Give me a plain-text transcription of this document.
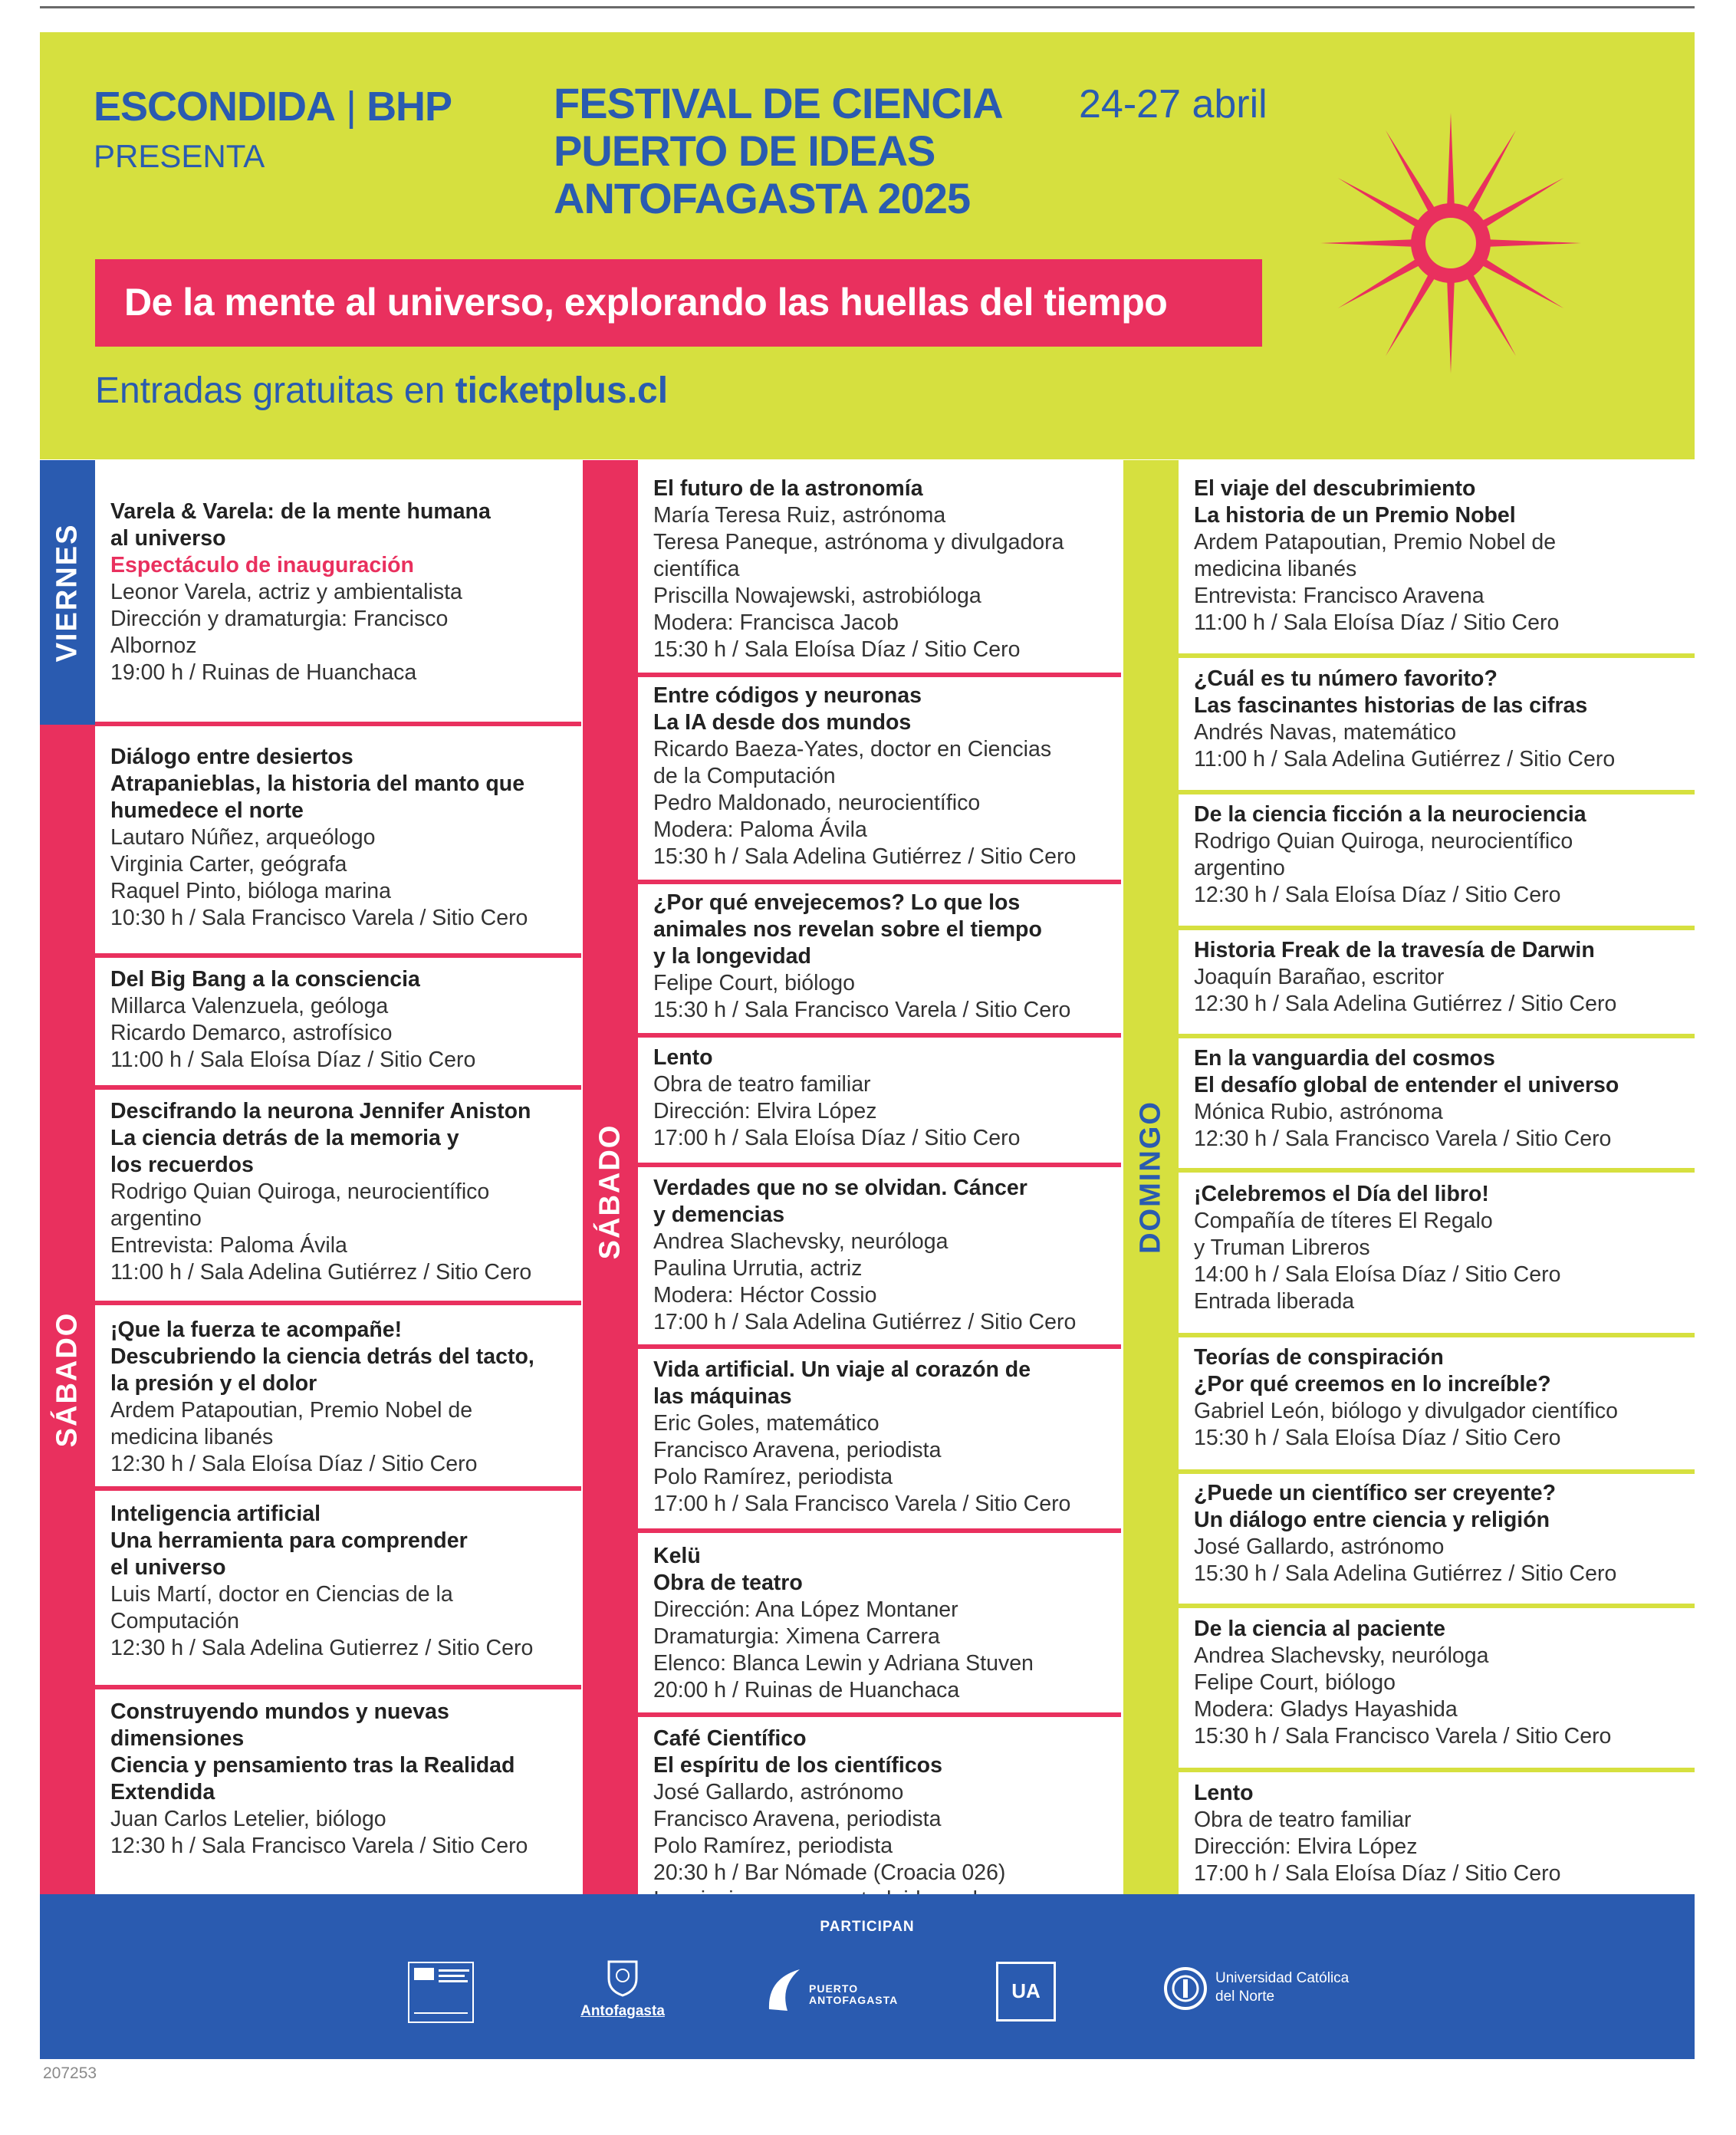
ESCONDIDA | BHP
PRESENTA
FESTIVAL DE CIENCIA
PUERTO DE IDEAS
ANTOFAGASTA 2025
24-27 abril
De la mente al universo, explorando las huellas del tiempo
Entradas gratuitas en ticketplus.cl
VIERNES
SÁBADO
Varela & Varela: de la mente humana
al universo
Espectáculo de inauguración
Leonor Varela, actriz y ambientalista
Dirección y dramaturgia: Francisco
Albornoz
19:00 h / Ruinas de Huanchaca
Diálogo entre desiertos
Atrapanieblas, la historia del manto que
humedece el norte
Lautaro Núñez, arqueólogo
Virginia Carter, geógrafa
Raquel Pinto, bióloga marina
10:30 h / Sala Francisco Varela / Sitio Cero
Del Big Bang a la consciencia
Millarca Valenzuela, geóloga
Ricardo Demarco, astrofísico
11:00 h / Sala Eloísa Díaz / Sitio Cero
Descifrando la neurona Jennifer Aniston
La ciencia detrás de la memoria y
los recuerdos
Rodrigo Quian Quiroga, neurocientífico
argentino
Entrevista: Paloma Ávila
11:00 h / Sala Adelina Gutiérrez / Sitio Cero
¡Que la fuerza te acompañe!
Descubriendo la ciencia detrás del tacto,
la presión y el dolor
Ardem Patapoutian, Premio Nobel de
medicina libanés
12:30 h / Sala Eloísa Díaz / Sitio Cero
Inteligencia artificial
Una herramienta para comprender
el universo
Luis Martí, doctor en Ciencias de la
Computación
12:30 h / Sala Adelina Gutierrez / Sitio Cero
Construyendo mundos y nuevas
dimensiones
Ciencia y pensamiento tras la Realidad
Extendida
Juan Carlos Letelier, biólogo
12:30 h / Sala Francisco Varela / Sitio Cero
SÁBADO
El futuro de la astronomía
María Teresa Ruiz, astrónoma
Teresa Paneque, astrónoma y divulgadora
científica
Priscilla Nowajewski, astrobióloga
Modera: Francisca Jacob
15:30 h / Sala Eloísa Díaz / Sitio Cero
Entre códigos y neuronas
La IA desde dos mundos
Ricardo Baeza-Yates, doctor en Ciencias
de la Computación
Pedro Maldonado, neurocientífico
Modera: Paloma Ávila
15:30 h / Sala Adelina Gutiérrez / Sitio Cero
¿Por qué envejecemos? Lo que los
animales nos revelan sobre el tiempo
y la longevidad
Felipe Court, biólogo
15:30 h / Sala Francisco Varela / Sitio Cero
Lento
Obra de teatro familiar
Dirección: Elvira López
17:00 h / Sala Eloísa Díaz / Sitio Cero
Verdades que no se olvidan. Cáncer
y demencias
Andrea Slachevsky, neuróloga
Paulina Urrutia, actriz
Modera: Héctor Cossio
17:00 h / Sala Adelina Gutiérrez / Sitio Cero
Vida artificial. Un viaje al corazón de
las máquinas
Eric Goles, matemático
Francisco Aravena, periodista
Polo Ramírez, periodista
17:00 h / Sala Francisco Varela / Sitio Cero
Kelü
Obra de teatro
Dirección: Ana López Montaner
Dramaturgia: Ximena Carrera
Elenco: Blanca Lewin y Adriana Stuven
20:00 h / Ruinas de Huanchaca
Café Científico
El espíritu de los científicos
José Gallardo, astrónomo
Francisco Aravena, periodista
Polo Ramírez, periodista
20:30 h / Bar Nómade (Croacia 026)
DOMINGO
El viaje del descubrimiento
La historia de un Premio Nobel
Ardem Patapoutian, Premio Nobel de
medicina libanés
Entrevista: Francisco Aravena
11:00 h / Sala Eloísa Díaz / Sitio Cero
¿Cuál es tu número favorito?
Las fascinantes historias de las cifras
Andrés Navas, matemático
11:00 h / Sala Adelina Gutiérrez / Sitio Cero
De la ciencia ficción a la neurociencia
Rodrigo Quian Quiroga, neurocientífico
argentino
12:30 h / Sala Eloísa Díaz / Sitio Cero
Historia Freak de la travesía de Darwin
Joaquín Barañao, escritor
12:30 h / Sala Adelina Gutiérrez / Sitio Cero
En la vanguardia del cosmos
El desafío global de entender el universo
Mónica Rubio, astrónoma
12:30 h / Sala Francisco Varela / Sitio Cero
¡Celebremos el Día del libro!
Compañía de títeres El Regalo
y Truman Libreros
14:00 h / Sala Eloísa Díaz / Sitio Cero
Entrada liberada
Teorías de conspiración
¿Por qué creemos en lo increíble?
Gabriel León, biólogo y divulgador científico
15:30 h / Sala Eloísa Díaz / Sitio Cero
¿Puede un científico ser creyente?
Un diálogo entre ciencia y religión
José Gallardo, astrónomo
15:30 h / Sala Adelina Gutiérrez / Sitio Cero
De la ciencia al paciente
Andrea Slachevsky, neuróloga
Felipe Court, biólogo
Modera: Gladys Hayashida
15:30 h / Sala Francisco Varela / Sitio Cero
Lento
Obra de teatro familiar
Dirección: Elvira López
17:00 h / Sala Eloísa Díaz / Sitio Cero
PARTICIPAN
Antofagasta
PUERTO ANTOFAGASTA	UA
Universidad Católica del Norte
207253
